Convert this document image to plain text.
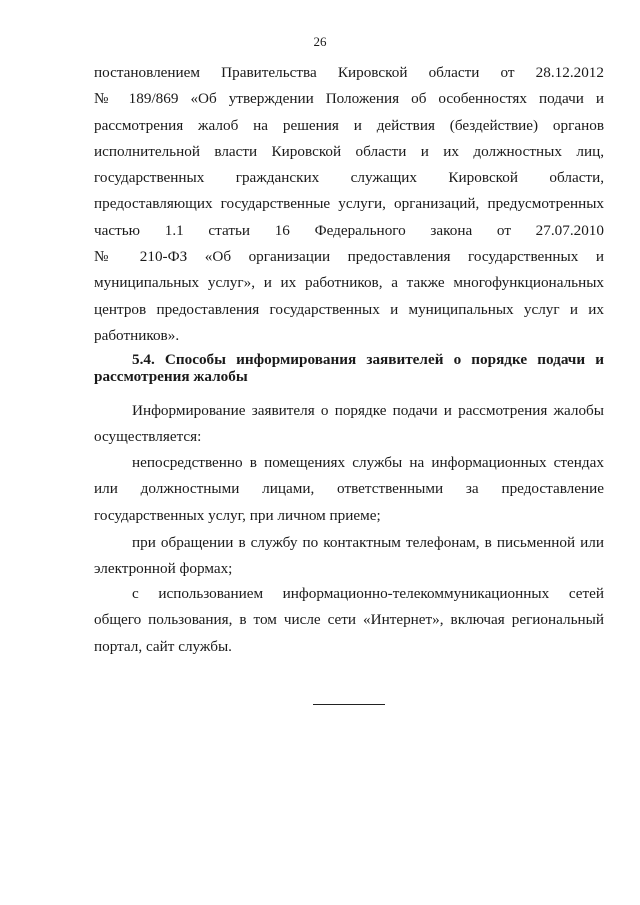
26

постановлением Правительства Кировской области от 28.12.2012
№ 189/869 «Об утверждении Положения об особенностях подачи и
рассмотрения жалоб на решения и действия (бездействие) органов
исполнительной власти Кировской области и их должностных лиц,
государственных гражданских служащих Кировской области,
предоставляющих государственные услуги, организаций, предусмотренных
частью 1.1 статьи 16 Федерального закона от 27.07.2010
№ 210-ФЗ «Об организации предоставления государственных и
муниципальных услуг», и их работников, а также многофункциональных
центров предоставления государственных и муниципальных услуг и их
работников».

5.4. Способы информирования заявителей о порядке подачи и

рассмотрения жалобы

Информирование заявителя о порядке подачи и рассмотрения жалобы
осуществляется:

непосредственно в помещениях службы на информационных стендах
или должностными лицами, ответственными за предоставление
государственных услуг, при личном приеме;

при обращении в службу по контактным телефонам, в письменной или
электронной формах;

с использованием информационно-телекоммуникационных сетей
общего пользования, в том числе сети «Интернет», включая региональный
портал, сайт службы.
